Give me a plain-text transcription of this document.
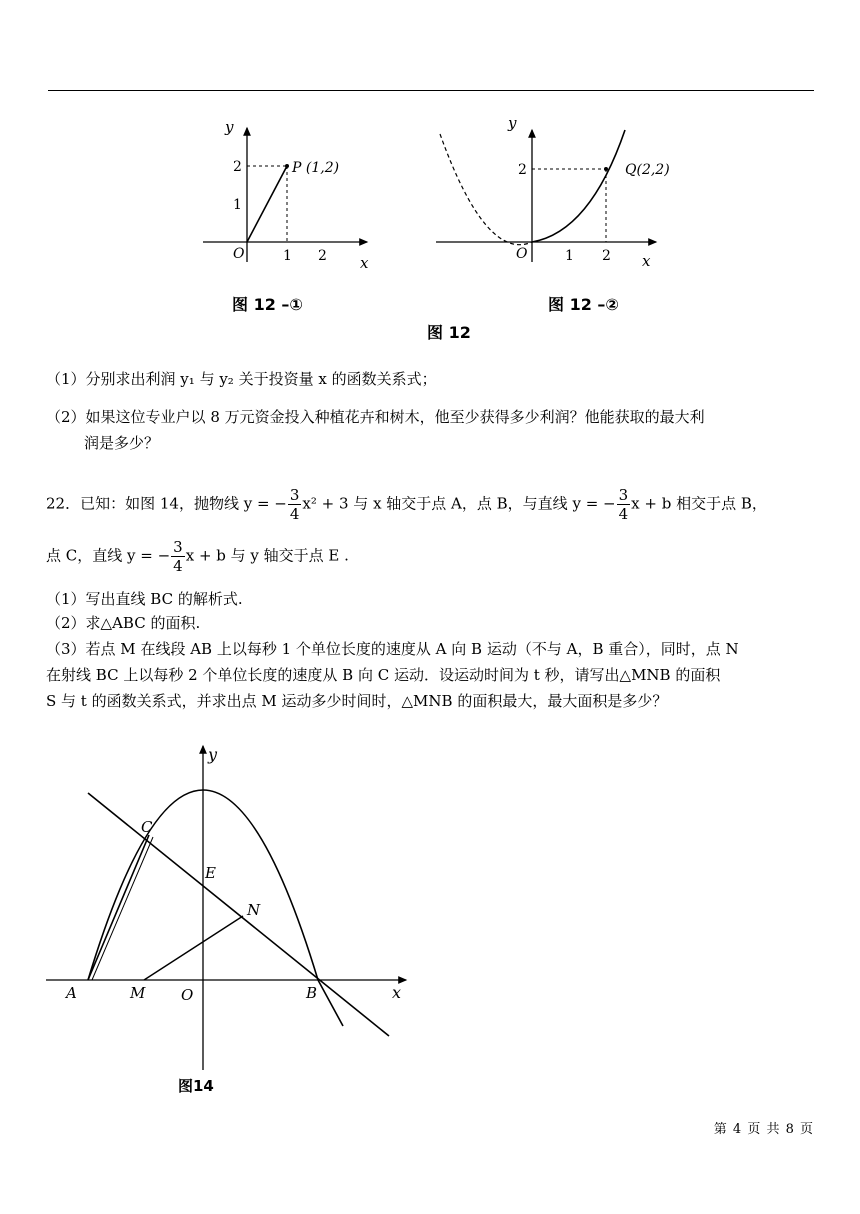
y
x
O	1 2
1
2	P (1,2)
图 12 –①
y
x
O	1 2
2	Q(2,2)
图 12 –②
图 12
（1）分别求出利润 y₁ 与 y₂ 关于投资量 x 的函数关系式；
（2）如果这位专业户以 8 万元资金投入种植花卉和树木，他至少获得多少利润？他能获取的最大利
润是多少？
22．已知：如图 14，抛物线 y = − $\frac{3}{4} x^2 + 3$ 与 x 轴交于点 A，点 B，与直线 y = − $\frac{3}{4}$ x + b 相交于点 B，
点 C，直线 y = − $\frac{3}{4}$ x + b 与 y 轴交于点 E .
（1）写出直线 BC 的解析式.
（2）求△ABC 的面积.
（3）若点 M 在线段 AB 上以每秒 1 个单位长度的速度从 A 向 B 运动（不与 A，B 重合），同时，点 N
在射线 BC 上以每秒 2 个单位长度的速度从 B 向 C 运动．设运动时间为 t 秒，请写出△MNB 的面积
S 与 t 的函数关系式，并求出点 M 运动多少时间时，△MNB 的面积最大，最大面积是多少？
y
x
C
E
N
A	M O	B
图14
第 4 页 共 8 页
